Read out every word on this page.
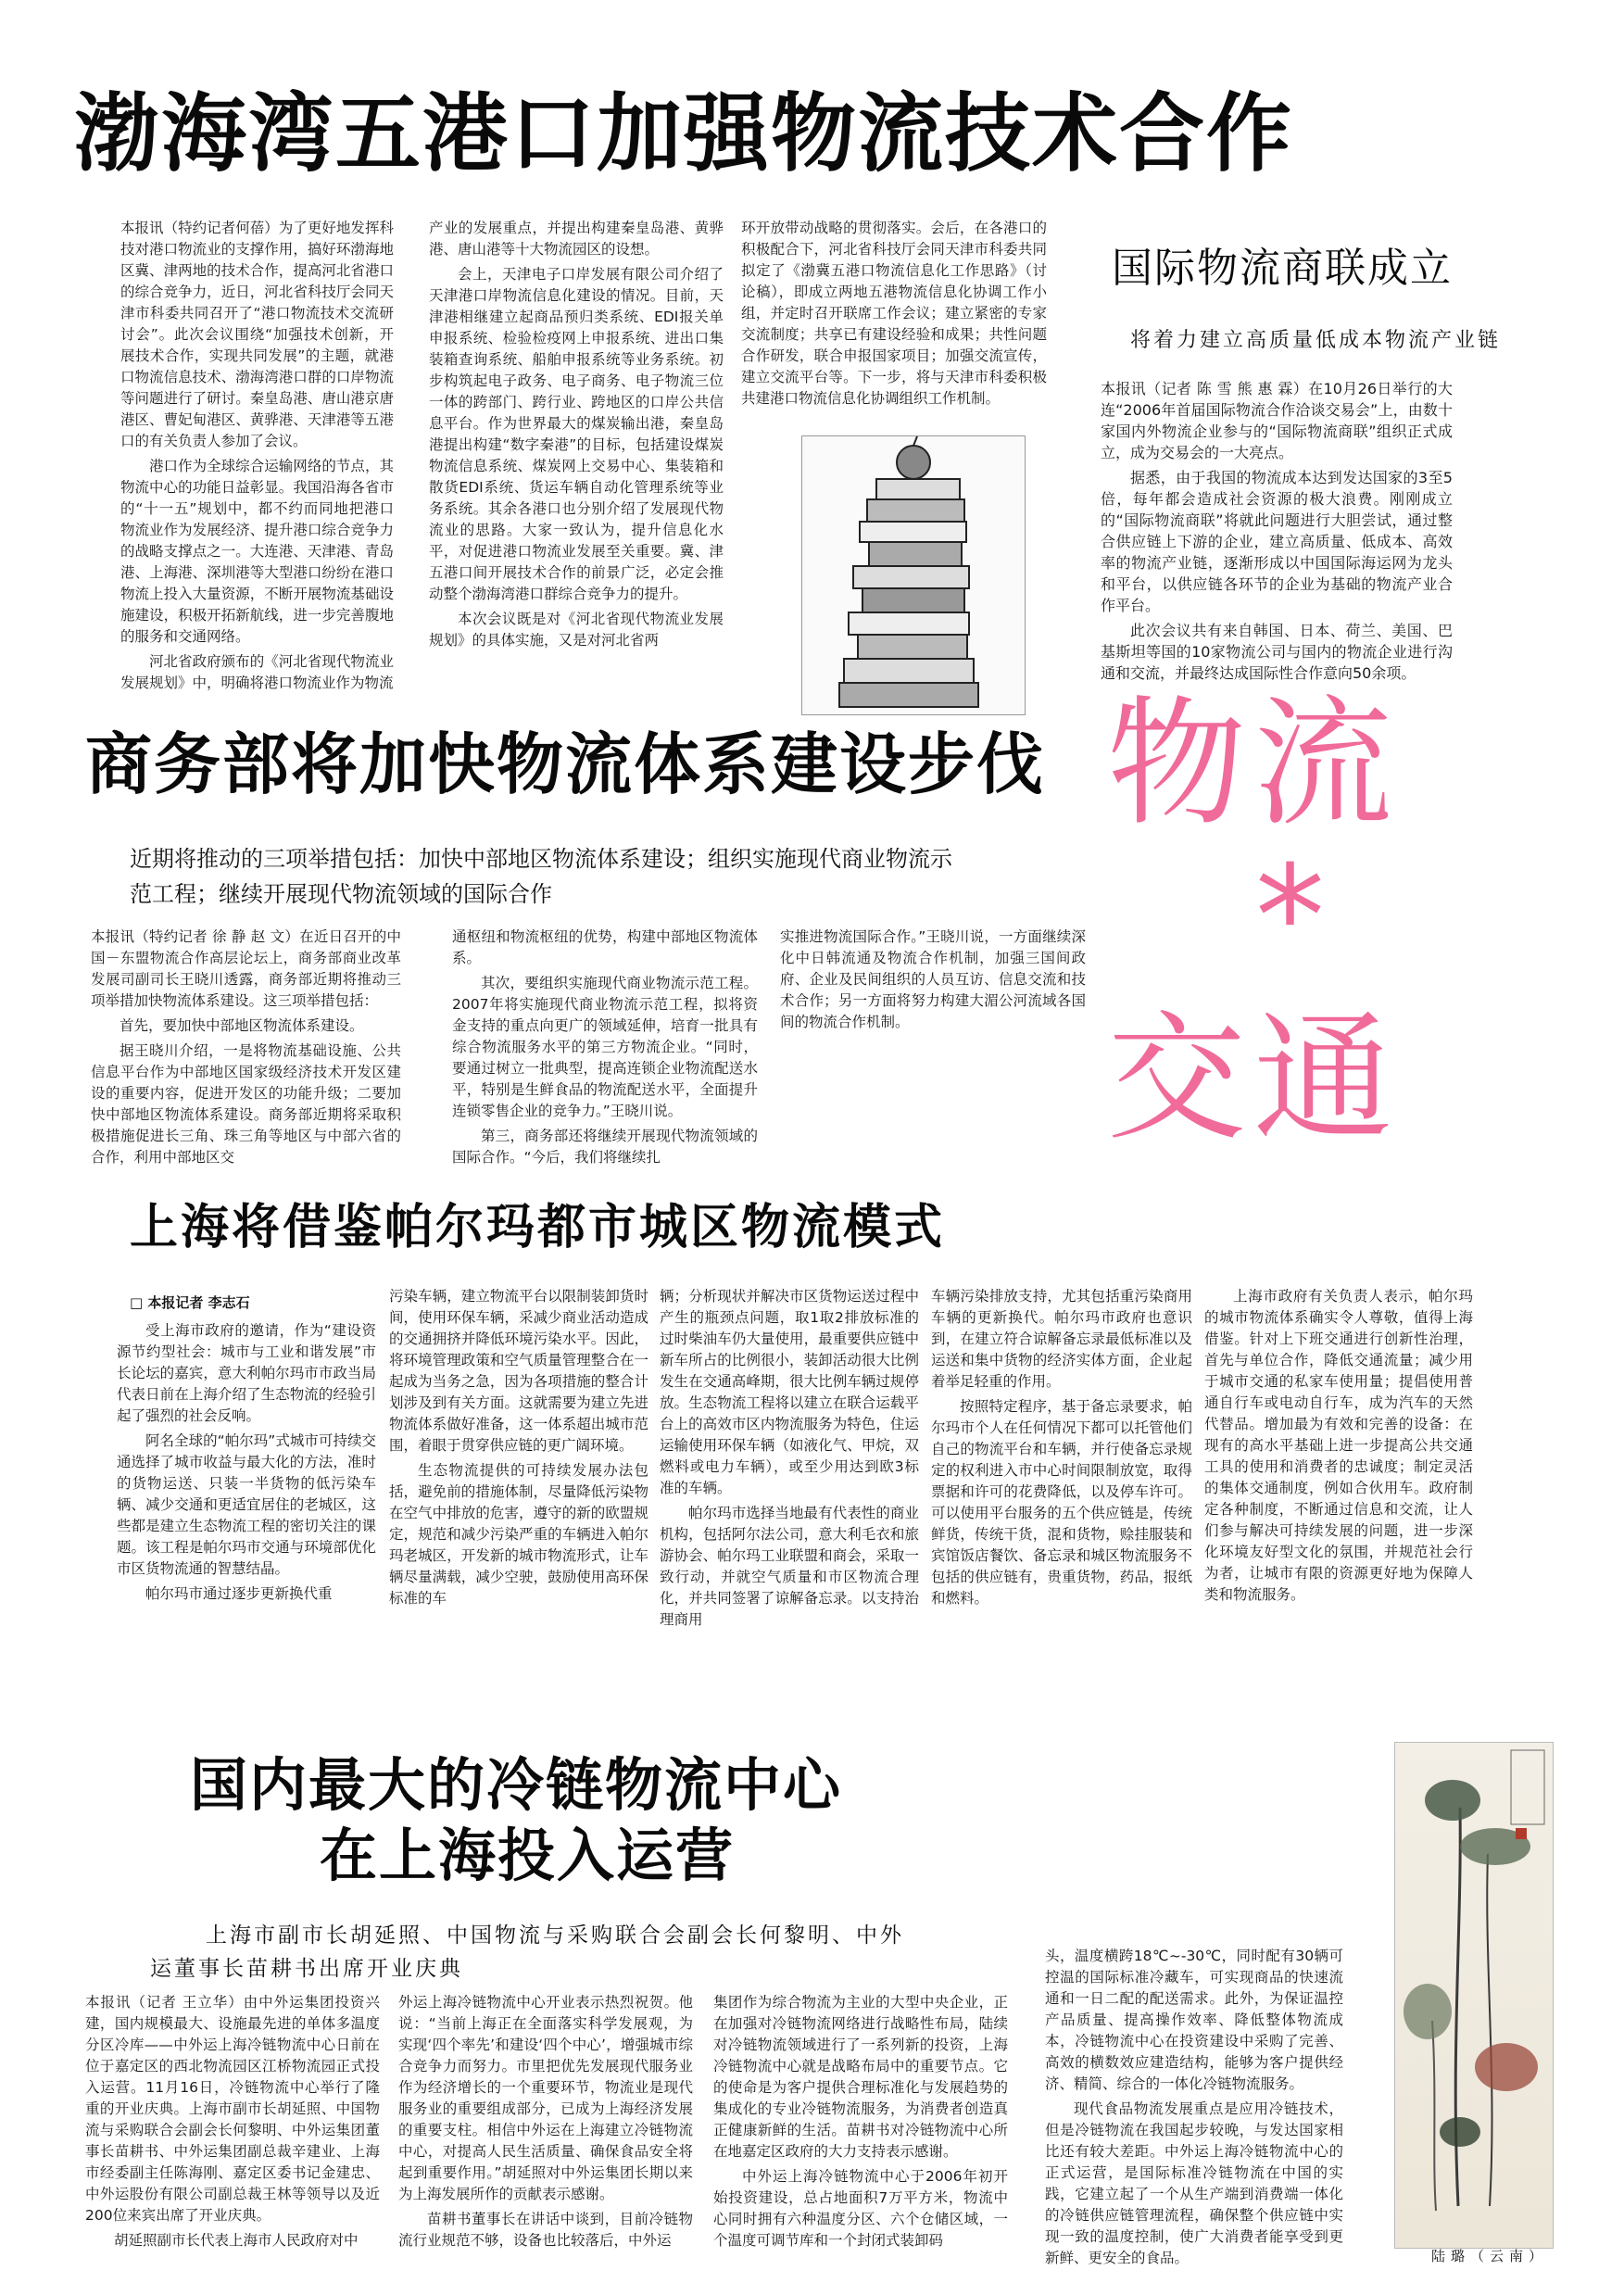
渤海湾五港口加强物流技术合作

本报讯（特约记者何蓓）为了更好地发挥科技对港口物流业的支撑作用，搞好环渤海地区冀、津两地的技术合作，提高河北省港口的综合竞争力，近日，河北省科技厅会同天津市科委共同召开了“港口物流技术交流研讨会”。此次会议围绕“加强技术创新，开展技术合作，实现共同发展”的主题，就港口物流信息技术、渤海湾港口群的口岸物流等问题进行了研讨。秦皇岛港、唐山港京唐港区、曹妃甸港区、黄骅港、天津港等五港口的有关负责人参加了会议。

港口作为全球综合运输网络的节点，其物流中心的功能日益彰显。我国沿海各省市的“十一五”规划中，都不约而同地把港口物流业作为发展经济、提升港口综合竞争力的战略支撑点之一。大连港、天津港、青岛港、上海港、深圳港等大型港口纷纷在港口物流上投入大量资源，不断开展物流基础设施建设，积极开拓新航线，进一步完善腹地的服务和交通网络。

河北省政府颁布的《河北省现代物流业发展规划》中，明确将港口物流业作为物流

产业的发展重点，并提出构建秦皇岛港、黄骅港、唐山港等十大物流园区的设想。

会上，天津电子口岸发展有限公司介绍了天津港口岸物流信息化建设的情况。目前，天津港相继建立起商品预归类系统、EDI报关单申报系统、检验检疫网上申报系统、进出口集装箱查询系统、船舶申报系统等业务系统。初步构筑起电子政务、电子商务、电子物流三位一体的跨部门、跨行业、跨地区的口岸公共信息平台。作为世界最大的煤炭输出港，秦皇岛港提出构建“数字秦港”的目标，包括建设煤炭物流信息系统、煤炭网上交易中心、集装箱和散货EDI系统、货运车辆自动化管理系统等业务系统。其余各港口也分别介绍了发展现代物流业的思路。大家一致认为，提升信息化水平，对促进港口物流业发展至关重要。冀、津五港口间开展技术合作的前景广泛，必定会推动整个渤海湾港口群综合竞争力的提升。

本次会议既是对《河北省现代物流业发展规划》的具体实施，又是对河北省两

环开放带动战略的贯彻落实。会后，在各港口的积极配合下，河北省科技厅会同天津市科委共同拟定了《渤冀五港口物流信息化工作思路》（讨论稿），即成立两地五港物流信息化协调工作小组，并定时召开联席工作会议；建立紧密的专家交流制度；共享已有建设经验和成果；共性问题合作研发，联合申报国家项目；加强交流宣传，建立交流平台等。下一步，将与天津市科委积极共建港口物流信息化协调组织工作机制。

国际物流商联成立
将着力建立高质量低成本物流产业链

本报讯（记者 陈 雪 熊 惠 霖）在10月26日举行的大连“2006年首届国际物流合作洽谈交易会”上，由数十家国内外物流企业参与的“国际物流商联”组织正式成立，成为交易会的一大亮点。

据悉，由于我国的物流成本达到发达国家的3至5倍，每年都会造成社会资源的极大浪费。刚刚成立的“国际物流商联”将就此问题进行大胆尝试，通过整合供应链上下游的企业，建立高质量、低成本、高效率的物流产业链，逐渐形成以中国国际海运网为龙头和平台，以供应链各环节的企业为基础的物流产业合作平台。

此次会议共有来自韩国、日本、荷兰、美国、巴基斯坦等国的10家物流公司与国内的物流企业进行沟通和交流，并最终达成国际性合作意向50余项。

商务部将加快物流体系建设步伐
近期将推动的三项举措包括：加快中部地区物流体系建设；组织实施现代商业物流示范工程；继续开展现代物流领域的国际合作

本报讯（特约记者 徐 静 赵 文）在近日召开的中国－东盟物流合作高层论坛上，商务部商业改革发展司副司长王晓川透露，商务部近期将推动三项举措加快物流体系建设。这三项举措包括：

首先，要加快中部地区物流体系建设。

据王晓川介绍，一是将物流基础设施、公共信息平台作为中部地区国家级经济技术开发区建设的重要内容，促进开发区的功能升级；二要加快中部地区物流体系建设。商务部近期将采取积极措施促进长三角、珠三角等地区与中部六省的合作，利用中部地区交

通枢纽和物流枢纽的优势，构建中部地区物流体系。

其次，要组织实施现代商业物流示范工程。2007年将实施现代商业物流示范工程，拟将资金支持的重点向更广的领域延伸，培育一批具有综合物流服务水平的第三方物流企业。“同时，要通过树立一批典型，提高连锁企业物流配送水平，特别是生鲜食品的物流配送水平，全面提升连锁零售企业的竞争力。”王晓川说。

第三，商务部还将继续开展现代物流领域的国际合作。“今后，我们将继续扎

实推进物流国际合作。”王晓川说，一方面继续深化中日韩流通及物流合作机制，加强三国间政府、企业及民间组织的人员互访、信息交流和技术合作；另一方面将努力构建大湄公河流域各国间的物流合作机制。

物流
*
交通
上海将借鉴帕尔玛都市城区物流模式
□ 本报记者 李志石

受上海市政府的邀请，作为“建设资源节约型社会：城市与工业和谐发展”市长论坛的嘉宾，意大利帕尔玛市市政当局代表日前在上海介绍了生态物流的经验引起了强烈的社会反响。

阿名全球的“帕尔玛”式城市可持续交通选择了城市收益与最大化的方法，准时的货物运送、只装一半货物的低污染车辆、减少交通和更适宜居住的老城区，这些都是建立生态物流工程的密切关注的课题。该工程是帕尔玛市交通与环境部优化市区货物流通的智慧结晶。

帕尔玛市通过逐步更新换代重

污染车辆，建立物流平台以限制装卸货时间，使用环保车辆，采减少商业活动造成的交通拥挤并降低环境污染水平。因此，将环境管理政策和空气质量管理整合在一起成为当务之急，因为各项措施的整合计划涉及到有关方面。这就需要为建立先进物流体系做好准备，这一体系超出城市范围，着眼于贯穿供应链的更广阔环境。

生态物流提供的可持续发展办法包括，避免前的措施体制，尽量降低污染物在空气中排放的危害，遵守的新的欧盟规定，规范和减少污染严重的车辆进入帕尔玛老城区，开发新的城市物流形式，让车辆尽量满载，减少空驶，鼓励使用高环保标准的车

辆；分析现状并解决市区货物运送过程中产生的瓶颈点问题，取1取2排放标准的过时柴油车仍大量使用，最重要供应链中新车所占的比例很小，装卸活动很大比例发生在交通高峰期，很大比例车辆过规停放。生态物流工程将以建立在联合运载平台上的高效市区内物流服务为特色，住运运输使用环保车辆（如液化气、甲烷，双燃料或电力车辆），或至少用达到欧3标准的车辆。

帕尔玛市选择当地最有代表性的商业机构，包括阿尔法公司，意大利毛衣和旅游协会、帕尔玛工业联盟和商会，采取一致行动，并就空气质量和市区物流合理化，并共同签署了谅解备忘录。以支持治理商用

车辆污染排放支持，尤其包括重污染商用车辆的更新换代。帕尔玛市政府也意识到，在建立符合谅解备忘录最低标准以及运送和集中货物的经济实体方面，企业起着举足轻重的作用。

按照特定程序，基于备忘录要求，帕尔玛市个人在任何情况下都可以托管他们自己的物流平台和车辆，并行使备忘录规定的权利进入市中心时间限制放宽，取得票据和许可的花费降低，以及停车许可。可以使用平台服务的五个供应链是，传统鲜货，传统干货，混和货物，赊挂服装和宾馆饭店餐饮、备忘录和城区物流服务不包括的供应链有，贵重货物，药品，报纸和燃料。

上海市政府有关负责人表示，帕尔玛的城市物流体系确实令人尊敬，值得上海借鉴。针对上下班交通进行创新性治理，首先与单位合作，降低交通流量；减少用于城市交通的私家车使用量；提倡使用普通自行车或电动自行车，成为汽车的天然代替品。增加最为有效和完善的设备：在现有的高水平基础上进一步提高公共交通工具的使用和消费者的忠诚度；制定灵活的集体交通制度，例如合伙用车。政府制定各种制度，不断通过信息和交流，让人们参与解决可持续发展的问题，进一步深化环境友好型文化的氛围，并规范社会行为者，让城市有限的资源更好地为保障人类和物流服务。

国内最大的冷链物流中心
在上海投入运营
上海市副市长胡延照、中国物流与采购联合会副会长何黎明、中外
运董事长苗耕书出席开业庆典

本报讯（记者 王立华）由中外运集团投资兴建，国内规模最大、设施最先进的单体多温度分区冷库——中外运上海冷链物流中心日前在位于嘉定区的西北物流园区江桥物流园正式投入运营。11月16日，冷链物流中心举行了隆重的开业庆典。上海市副市长胡延照、中国物流与采购联合会副会长何黎明、中外运集团董事长苗耕书、中外运集团副总裁辛建业、上海市经委副主任陈海刚、嘉定区委书记金建忠、中外运股份有限公司副总裁王林等领导以及近200位来宾出席了开业庆典。

胡延照副市长代表上海市人民政府对中

外运上海冷链物流中心开业表示热烈祝贺。他说：“当前上海正在全面落实科学发展观，为实现‘四个率先’和建设‘四个中心’，增强城市综合竞争力而努力。市里把优先发展现代服务业作为经济增长的一个重要环节，物流业是现代服务业的重要组成部分，已成为上海经济发展的重要支柱。相信中外运在上海建立冷链物流中心，对提高人民生活质量、确保食品安全将起到重要作用。”胡延照对中外运集团长期以来为上海发展所作的贡献表示感谢。

苗耕书董事长在讲话中谈到，目前冷链物流行业规范不够，设备也比较落后，中外运

集团作为综合物流为主业的大型中央企业，正在加强对冷链物流网络进行战略性布局，陆续对冷链物流领域进行了一系列新的投资，上海冷链物流中心就是战略布局中的重要节点。它的使命是为客户提供合理标准化与发展趋势的集成化的专业冷链物流服务，为消费者创造真正健康新鲜的生活。苗耕书对冷链物流中心所在地嘉定区政府的大力支持表示感谢。

中外运上海冷链物流中心于2006年初开始投资建设，总占地面积7万平方米，物流中心同时拥有六种温度分区、六个仓储区域，一个温度可调节库和一个封闭式装卸码

头，温度横跨18℃~-30℃，同时配有30辆可控温的国际标准冷藏车，可实现商品的快速流通和一日二配的配送需求。此外，为保证温控产品质量、提高操作效率、降低整体物流成本，冷链物流中心在投资建设中采购了完善、高效的横数效应建造结构，能够为客户提供经济、精简、综合的一体化冷链物流服务。

现代食品物流发展重点是应用冷链技术，但是冷链物流在我国起步较晚，与发达国家相比还有较大差距。中外运上海冷链物流中心的正式运营，是国际标准冷链物流在中国的实践，它建立起了一个从生产端到消费端一体化的冷链供应链管理流程，确保整个供应链中实现一致的温度控制，使广大消费者能享受到更新鲜、更安全的食品。	陆璐（云南）
